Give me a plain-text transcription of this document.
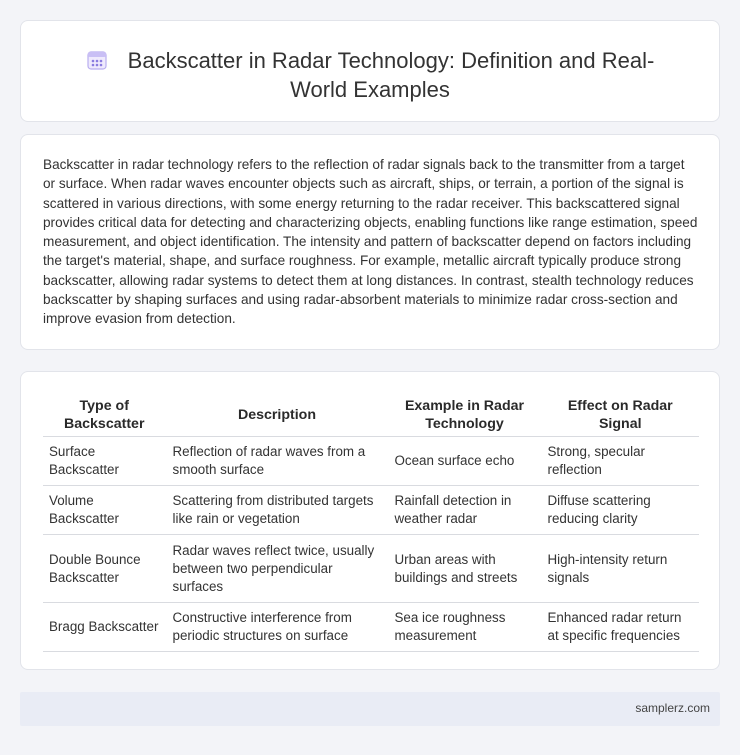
Backscatter in Radar Technology: Definition and Real-World Examples

Backscatter in radar technology refers to the reflection of radar signals back to the transmitter from a target or surface. When radar waves encounter objects such as aircraft, ships, or terrain, a portion of the signal is scattered in various directions, with some energy returning to the radar receiver. This backscattered signal provides critical data for detecting and characterizing objects, enabling functions like range estimation, speed measurement, and object identification. The intensity and pattern of backscatter depend on factors including the target's material, shape, and surface roughness. For example, metallic aircraft typically produce strong backscatter, allowing radar systems to detect them at long distances. In contrast, stealth technology reduces backscatter by shaping surfaces and using radar-absorbent materials to minimize radar cross-section and improve evasion from detection.

Type of Backscatter	Description	Example in Radar Technology	Effect on Radar Signal
Surface Backscatter	Reflection of radar waves from a smooth surface	Ocean surface echo	Strong, specular reflection
Volume Backscatter	Scattering from distributed targets like rain or vegetation	Rainfall detection in weather radar	Diffuse scattering reducing clarity
Double Bounce Backscatter	Radar waves reflect twice, usually between two perpendicular surfaces	Urban areas with buildings and streets	High-intensity return signals
Bragg Backscatter	Constructive interference from periodic structures on surface	Sea ice roughness measurement	Enhanced radar return at specific frequencies
samplerz.com
